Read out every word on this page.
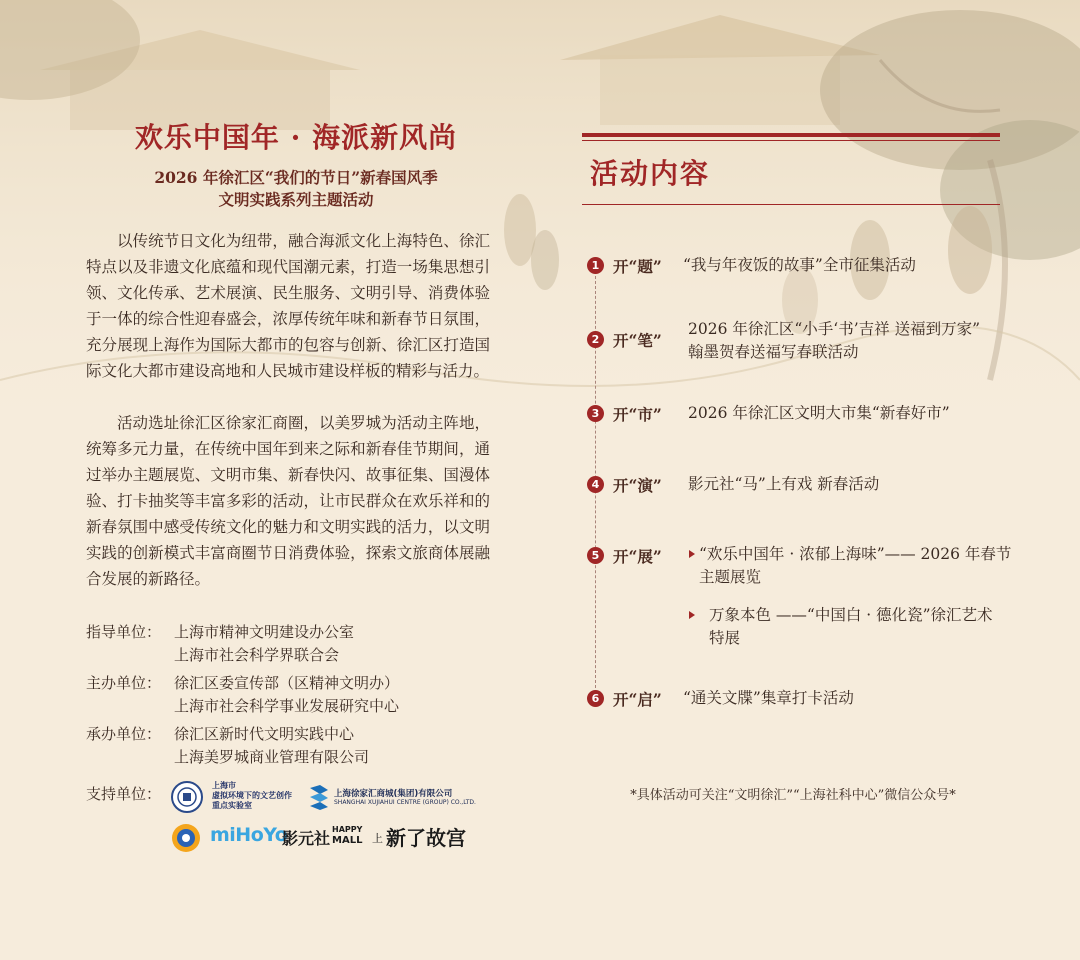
欢乐中国年 · 海派新风尚
2026 年徐汇区“我们的节日”新春国风季
文明实践系列主题活动

以传统节日文化为纽带，融合海派文化上海特色、徐汇特点以及非遗文化底蕴和现代国潮元素，打造一场集思想引领、文化传承、艺术展演、民生服务、文明引导、消费体验于一体的综合性迎春盛会，浓厚传统年味和新春节日氛围，充分展现上海作为国际大都市的包容与创新、徐汇区打造国际文化大都市建设高地和人民城市建设样板的精彩与活力。

活动选址徐汇区徐家汇商圈，以美罗城为活动主阵地，统筹多元力量，在传统中国年到来之际和新春佳节期间，通过举办主题展览、文明市集、新春快闪、故事征集、国漫体验、打卡抽奖等丰富多彩的活动，让市民群众在欢乐祥和的新春氛围中感受传统文化的魅力和文明实践的活力，以文明实践的创新模式丰富商圈节日消费体验，探索文旅商体展融合发展的新路径。

指导单位： 上海市精神文明建设办公室
上海市社会科学界联合会
主办单位： 徐汇区委宣传部（区精神文明办）
上海市社会科学事业发展研究中心
承办单位： 徐汇区新时代文明实践中心
上海美罗城商业管理有限公司
支持单位：	上海市
虚拟环境下的文艺创作
重点实验室
上海徐家汇商城(集团)有限公司
SHANGHAI XUJIAHUI CENTRE (GROUP) CO.,LTD.
miHoYo
影元社 HAPPY
MALL 上 新了故宫
活动内容
1 开“题” “我与年夜饭的故事”全市征集活动
2 开“笔”
2026 年徐汇区“小手‘书’吉祥 送福到万家”
翰墨贺春送福写春联活动
3 开“市” 2026 年徐汇区文明大市集“新春好市”
4 开“演” 影元社“马”上有戏 新春活动
5 开“展” “欢乐中国年 · 浓郁上海味”—— 2026 年春节
主题展览
万象本色 ——“中国白 · 德化瓷”徐汇艺术
特展
6 开“启” “通关文牒”集章打卡活动
*具体活动可关注“文明徐汇”“上海社科中心”微信公众号*
